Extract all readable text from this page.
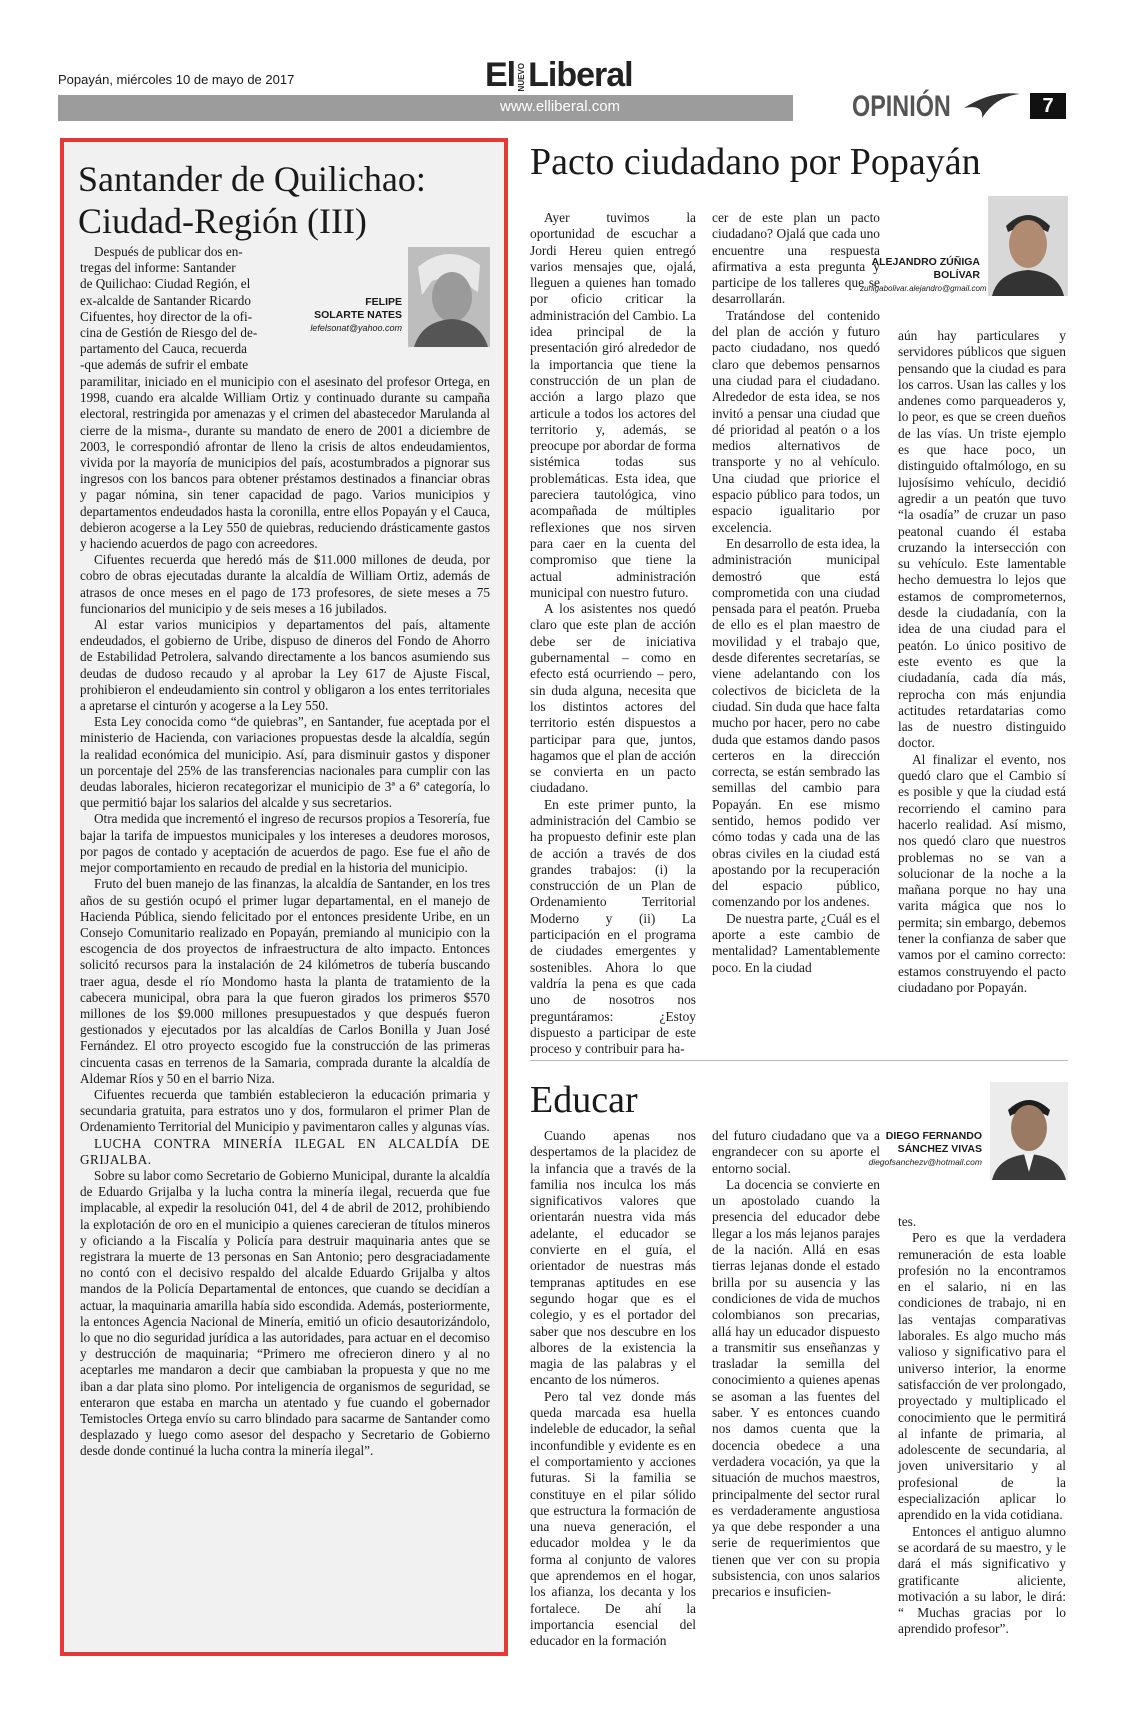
Popayán, miércoles 10 de mayo de 2017	El NUEVOLiberal
www.elliberal.com	OPINIÓN	7
Santander de Quilichao: Ciudad-Región (III)
Después de publicar dos en-
tregas del informe: Santander
de Quilichao: Ciudad Región, el
ex-alcalde de Santander Ricardo
Cifuentes, hoy director de la ofi-
cina de Gestión de Riesgo del de-
partamento del Cauca, recuerda
-que además de sufrir el embate
FELIPE
SOLARTE NATES
lefelsonat@yahoo.com

paramilitar, iniciado en el municipio con el asesinato del profesor Ortega, en 1998, cuando era alcalde William Ortiz y continuado durante su campaña electoral, restringida por amenazas y el crimen del abastecedor Marulanda al cierre de la misma-, durante su mandato de enero de 2001 a diciembre de 2003, le correspondió afrontar de lleno la crisis de altos endeudamientos, vivida por la mayoría de municipios del país, acostumbrados a pignorar sus ingresos con los bancos para obtener préstamos destinados a financiar obras y pagar nómina, sin tener capacidad de pago. Varios municipios y departamentos endeudados hasta la coronilla, entre ellos Popayán y el Cauca, debieron acogerse a la Ley 550 de quiebras, reduciendo drásticamente gastos y haciendo acuerdos de pago con acreedores.

Cifuentes recuerda que heredó más de $11.000 millones de deuda, por cobro de obras ejecutadas durante la alcaldía de William Ortiz, además de atrasos de once meses en el pago de 173 profesores, de siete meses a 75 funcionarios del municipio y de seis meses a 16 jubilados.

Al estar varios municipios y departamentos del país, altamente endeudados, el gobierno de Uribe, dispuso de dineros del Fondo de Ahorro de Estabilidad Petrolera, salvando directamente a los bancos asumiendo sus deudas de dudoso recaudo y al aprobar la Ley 617 de Ajuste Fiscal, prohibieron el endeudamiento sin control y obligaron a los entes territoriales a apretarse el cinturón y acogerse a la Ley 550.

Esta Ley conocida como “de quiebras”, en Santander, fue aceptada por el ministerio de Hacienda, con variaciones propuestas desde la alcaldía, según la realidad económica del municipio. Así, para disminuir gastos y disponer un porcentaje del 25% de las transferencias nacionales para cumplir con las deudas laborales, hicieron recategorizar el municipio de 3ª a 6ª categoría, lo que permitió bajar los salarios del alcalde y sus secretarios.

Otra medida que incrementó el ingreso de recursos propios a Tesorería, fue bajar la tarifa de impuestos municipales y los intereses a deudores morosos, por pagos de contado y aceptación de acuerdos de pago. Ese fue el año de mejor comportamiento en recaudo de predial en la historia del municipio.

Fruto del buen manejo de las finanzas, la alcaldía de Santander, en los tres años de su gestión ocupó el primer lugar departamental, en el manejo de Hacienda Pública, siendo felicitado por el entonces presidente Uribe, en un Consejo Comunitario realizado en Popayán, premiando al municipio con la escogencia de dos proyectos de infraestructura de alto impacto. Entonces solicitó recursos para la instalación de 24 kilómetros de tubería buscando traer agua, desde el río Mondomo hasta la planta de tratamiento de la cabecera municipal, obra para la que fueron girados los primeros $570 millones de los $9.000 millones presupuestados y que después fueron gestionados y ejecutados por las alcaldías de Carlos Bonilla y Juan José Fernández. El otro proyecto escogido fue la construcción de las primeras cincuenta casas en terrenos de la Samaria, comprada durante la alcaldía de Aldemar Ríos y 50 en el barrio Niza.

Cifuentes recuerda que también establecieron la educación primaria y secundaria gratuita, para estratos uno y dos, formularon el primer Plan de Ordenamiento Territorial del Municipio y pavimentaron calles y algunas vías.

LUCHA CONTRA MINERÍA ILEGAL EN ALCALDÍA DE GRIJALBA.

Sobre su labor como Secretario de Gobierno Municipal, durante la alcaldía de Eduardo Grijalba y la lucha contra la minería ilegal, recuerda que fue implacable, al expedir la resolución 041, del 4 de abril de 2012, prohibiendo la explotación de oro en el municipio a quienes carecieran de títulos mineros y oficiando a la Fiscalía y Policía para destruir maquinaria antes que se registrara la muerte de 13 personas en San Antonio; pero desgraciadamente no contó con el decisivo respaldo del alcalde Eduardo Grijalba y altos mandos de la Policía Departamental de entonces, que cuando se decidían a actuar, la maquinaria amarilla había sido escondida. Además, posteriormente, la entonces Agencia Nacional de Minería, emitió un oficio desautorizándolo, lo que no dio seguridad jurídica a las autoridades, para actuar en el decomiso y destrucción de maquinaria; “Primero me ofrecieron dinero y al no aceptarles me mandaron a decir que cambiaban la propuesta y que no me iban a dar plata sino plomo. Por inteligencia de organismos de seguridad, se enteraron que estaba en marcha un atentado y fue cuando el gobernador Temistocles Ortega envío su carro blindado para sacarme de Santander como desplazado y luego como asesor del despacho y Secretario de Gobierno desde donde continué la lucha contra la minería ilegal”.

Pacto ciudadano por Popayán
ALEJANDRO ZÚÑIGA
BOLÍVAR
zunigabolivar.alejandro@gmail.com

Ayer tuvimos la oportunidad de escuchar a Jordi Hereu quien entregó varios mensajes que, ojalá, lleguen a quienes han tomado por oficio criticar la administración del Cambio. La idea principal de la presentación giró alrededor de la importancia que tiene la construcción de un plan de acción a largo plazo que articule a todos los actores del territorio y, además, se preocupe por abordar de forma sistémica todas sus problemáticas. Esta idea, que pareciera tautológica, vino acompañada de múltiples reflexiones que nos sirven para caer en la cuenta del compromiso que tiene la actual administración municipal con nuestro futuro.

A los asistentes nos quedó claro que este plan de acción debe ser de iniciativa gubernamental – como en efecto está ocurriendo – pero, sin duda alguna, necesita que los distintos actores del territorio estén dispuestos a participar para que, juntos, hagamos que el plan de acción se convierta en un pacto ciudadano.

En este primer punto, la administración del Cambio se ha propuesto definir este plan de acción a través de dos grandes trabajos: (i) la construcción de un Plan de Ordenamiento Territorial Moderno y (ii) La participación en el programa de ciudades emergentes y sostenibles. Ahora lo que valdría la pena es que cada uno de nosotros nos preguntáramos: ¿Estoy dispuesto a participar de este proceso y contribuir para ha-

cer de este plan un pacto ciudadano? Ojalá que cada uno encuentre una respuesta afirmativa a esta pregunta y participe de los talleres que se desarrollarán.

Tratándose del contenido del plan de acción y futuro pacto ciudadano, nos quedó claro que debemos pensarnos una ciudad para el ciudadano. Alrededor de esta idea, se nos invitó a pensar una ciudad que dé prioridad al peatón o a los medios alternativos de transporte y no al vehículo. Una ciudad que priorice el espacio público para todos, un espacio igualitario por excelencia.

En desarrollo de esta idea, la administración municipal demostró que está comprometida con una ciudad pensada para el peatón. Prueba de ello es el plan maestro de movilidad y el trabajo que, desde diferentes secretarías, se viene adelantando con los colectivos de bicicleta de la ciudad. Sin duda que hace falta mucho por hacer, pero no cabe duda que estamos dando pasos certeros en la dirección correcta, se están sembrado las semillas del cambio para Popayán. En ese mismo sentido, hemos podido ver cómo todas y cada una de las obras civiles en la ciudad está apostando por la recuperación del espacio público, comenzando por los andenes.

De nuestra parte, ¿Cuál es el aporte a este cambio de mentalidad? Lamentablemente poco. En la ciudad

aún hay particulares y servidores públicos que siguen pensando que la ciudad es para los carros. Usan las calles y los andenes como parqueaderos y, lo peor, es que se creen dueños de las vías. Un triste ejemplo es que hace poco, un distinguido oftalmólogo, en su lujosísimo vehículo, decidió agredir a un peatón que tuvo “la osadía” de cruzar un paso peatonal cuando él estaba cruzando la intersección con su vehículo. Este lamentable hecho demuestra lo lejos que estamos de comprometernos, desde la ciudadanía, con la idea de una ciudad para el peatón. Lo único positivo de este evento es que la ciudadanía, cada día más, reprocha con más enjundia actitudes retardatarias como las de nuestro distinguido doctor.

Al finalizar el evento, nos quedó claro que el Cambio sí es posible y que la ciudad está recorriendo el camino para hacerlo realidad. Así mismo, nos quedó claro que nuestros problemas no se van a solucionar de la noche a la mañana porque no hay una varita mágica que nos lo permita; sin embargo, debemos tener la confianza de saber que vamos por el camino correcto: estamos construyendo el pacto ciudadano por Popayán.

Educar
DIEGO FERNANDO
SÁNCHEZ VIVAS
diegofsanchezv@hotmail.com

Cuando apenas nos despertamos de la placidez de la infancia que a través de la familia nos inculca los más significativos valores que orientarán nuestra vida más adelante, el educador se convierte en el guía, el orientador de nuestras más tempranas aptitudes en ese segundo hogar que es el colegio, y es el portador del saber que nos descubre en los albores de la existencia la magia de las palabras y el encanto de los números.

Pero tal vez donde más queda marcada esa huella indeleble de educador, la señal inconfundible y evidente es en el comportamiento y acciones futuras. Si la familia se constituye en el pilar sólido que estructura la formación de una nueva generación, el educador moldea y le da forma al conjunto de valores que aprendemos en el hogar, los afianza, los decanta y los fortalece. De ahí la importancia esencial del educador en la formación

del futuro ciudadano que va a engrandecer con su aporte el entorno social.

La docencia se convierte en un apostolado cuando la presencia del educador debe llegar a los más lejanos parajes de la nación. Allá en esas tierras lejanas donde el estado brilla por su ausencia y las condiciones de vida de muchos colombianos son precarias, allá hay un educador dispuesto a transmitir sus enseñanzas y trasladar la semilla del conocimiento a quienes apenas se asoman a las fuentes del saber. Y es entonces cuando nos damos cuenta que la docencia obedece a una verdadera vocación, ya que la situación de muchos maestros, principalmente del sector rural es verdaderamente angustiosa ya que debe responder a una serie de requerimientos que tienen que ver con su propia subsistencia, con unos salarios precarios e insuficien-

tes.

Pero es que la verdadera remuneración de esta loable profesión no la encontramos en el salario, ni en las condiciones de trabajo, ni en las ventajas comparativas laborales. Es algo mucho más valioso y significativo para el universo interior, la enorme satisfacción de ver prolongado, proyectado y multiplicado el conocimiento que le permitirá al infante de primaria, al adolescente de secundaria, al joven universitario y al profesional de la especialización aplicar lo aprendido en la vida cotidiana.

Entonces el antiguo alumno se acordará de su maestro, y le dará el más significativo y gratificante aliciente, motivación a su labor, le dirá: “ Muchas gracias por lo aprendido profesor”.
